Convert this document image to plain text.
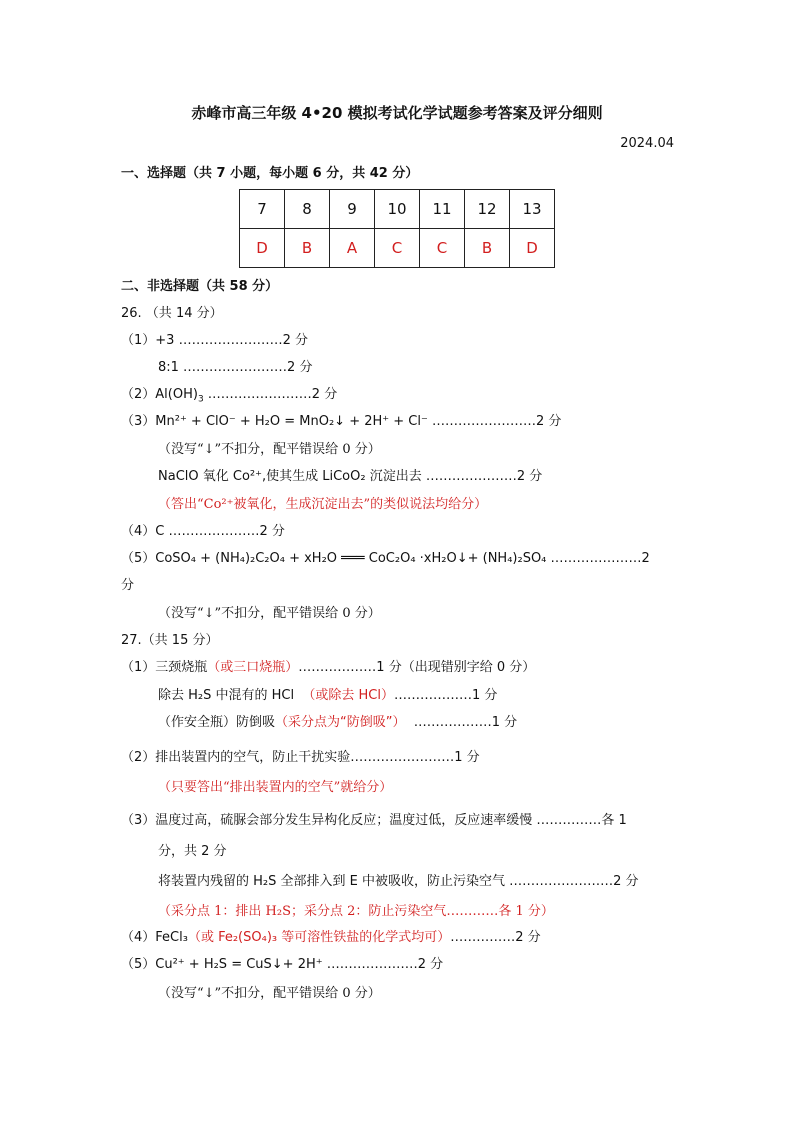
赤峰市高三年级 4•20 模拟考试化学试题参考答案及评分细则
2024.04
一、选择题（共 7 小题，每小题 6 分，共 42 分）
7	8	9	10	11	12	13
D	B	A	C	C	B	D
二、非选择题（共 58 分）
26. （共 14 分）
（1）+3 ……………………2 分
8:1 ……………………2 分
$(2)Al(OH)_3$ ……………………2 分
（3）Mn²⁺ + ClO⁻ + H₂O = MnO₂↓ + 2H⁺ + Cl⁻ ……………………2 分
（没写“↓”不扣分，配平错误给 0 分）
NaClO 氧化 Co²⁺,使其生成 LiCoO₂ 沉淀出去 …………………2 分
（答出“Co²⁺被氧化，生成沉淀出去”的类似说法均给分）
（4）C …………………2 分
（5）CoSO₄ + (NH₄)₂C₂O₄ + xH₂O ═══ CoC₂O₄ ·xH₂O↓+ (NH₄)₂SO₄ …………………2
分
（没写“↓”不扣分，配平错误给 0 分）
27.（共 15 分）
（1）三颈烧瓶（或三口烧瓶）………………1 分（出现错别字给 0 分）
除去 H₂S 中混有的 HCl （或除去 HCl）………………1 分
（作安全瓶）防倒吸（采分点为“防倒吸”） ………………1 分
（2）排出装置内的空气，防止干扰实验……………………1 分
（只要答出“排出装置内的空气”就给分）
（3）温度过高，硫脲会部分发生异构化反应；温度过低，反应速率缓慢 ……………各 1
分，共 2 分
将装置内残留的 H₂S 全部排入到 E 中被吸收，防止污染空气 ……………………2 分
（采分点 1：排出 H₂S；采分点 2：防止污染空气…………各 1 分）
（4）FeCl₃（或 Fe₂(SO₄)₃ 等可溶性铁盐的化学式均可）……………2 分
（5）Cu²⁺ + H₂S = CuS↓+ 2H⁺ …………………2 分
（没写“↓”不扣分，配平错误给 0 分）
